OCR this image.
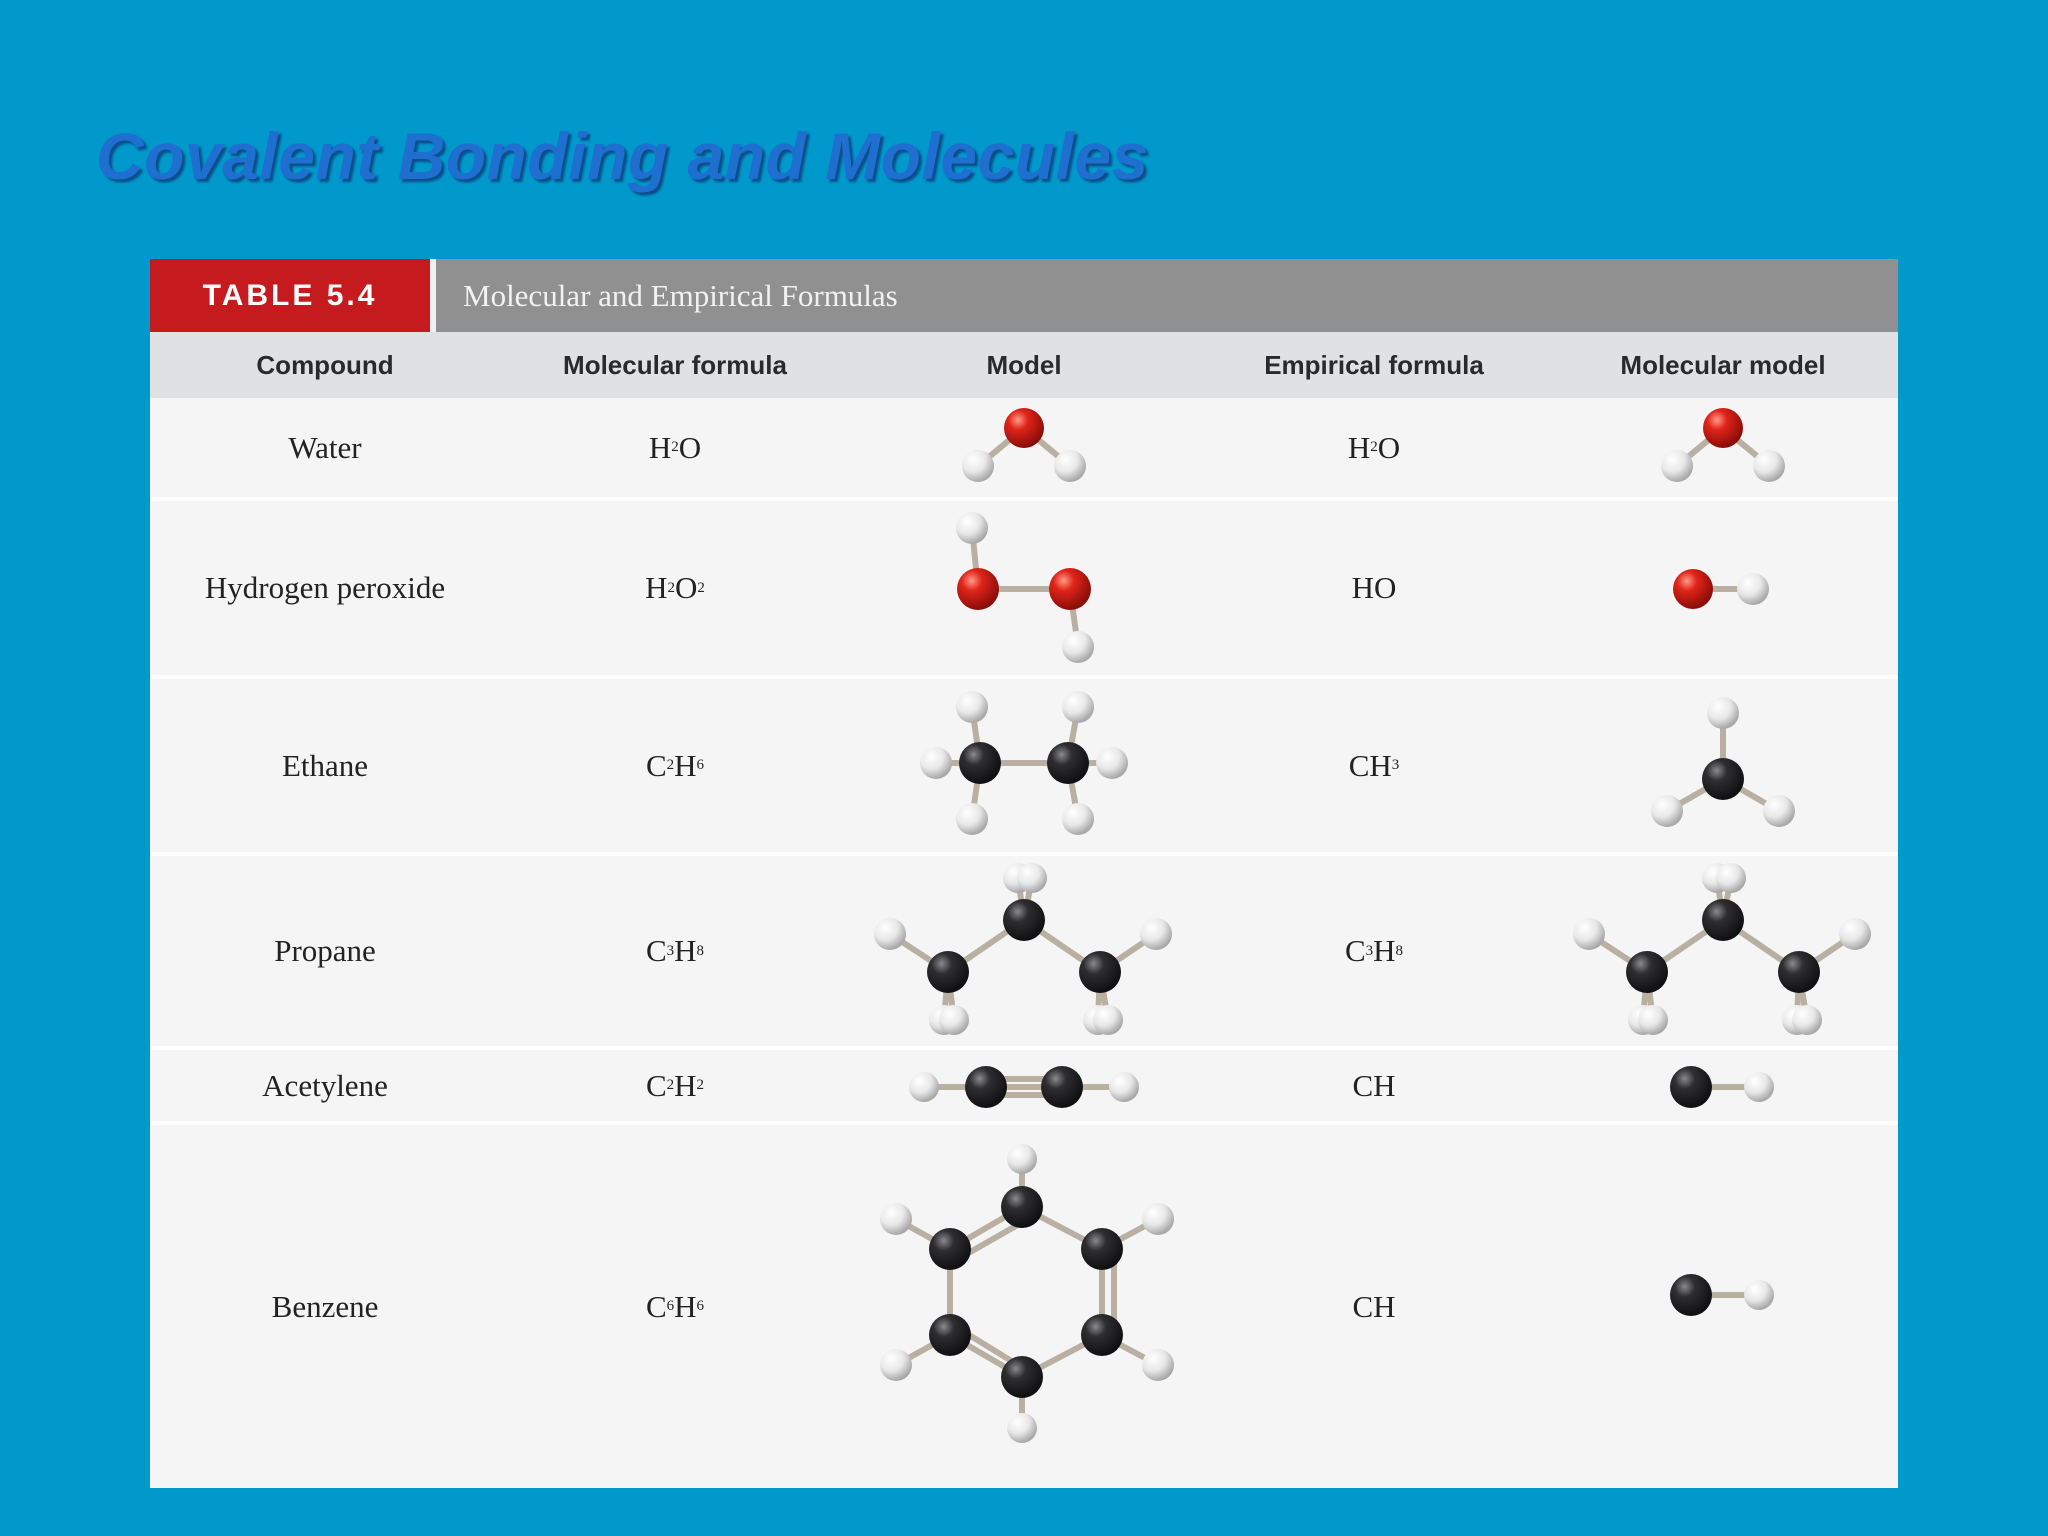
Covalent Bonding and Molecules
TABLE 5.4	Molecular and Empirical Formulas
Compound	Molecular formula	Model	Empirical formula	Molecular model
Water	H 2 O	H 2 O
Hydrogen peroxide	H 2 O 2	HO
Ethane	C 2 H 6	CH 3
Propane	C 3 H 8	C 3 H 8
Acetylene	C 2 H 2	CH
Benzene	C 6 H 6	CH
